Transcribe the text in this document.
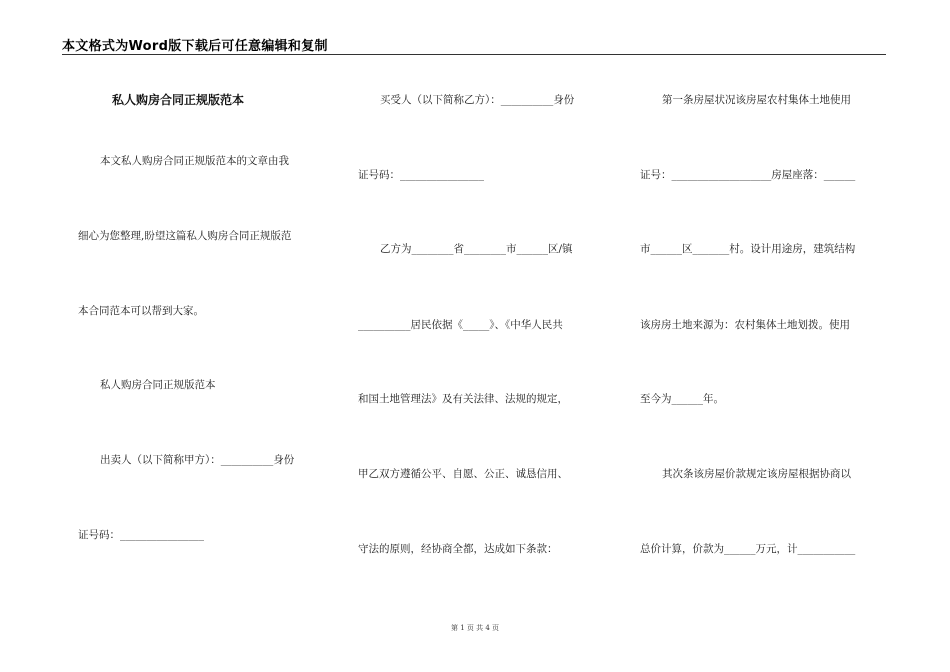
本文格式为Word版下载后可任意编辑和复制
私人购房合同正规版范本
本文私人购房合同正规版范本的文章由我
细心为您整理,盼望这篇私人购房合同正规版范
本合同范本可以帮到大家。
私人购房合同正规版范本
出卖人（以下简称甲方）：__________身份
证号码：________________
买受人（以下简称乙方）：__________身份
证号码：________________
乙方为________省________市______区/镇
__________居民依据《_____》、《中华人民共
和国土地管理法》及有关法律、法规的规定，
甲乙双方遵循公平、自愿、公正、诚恳信用、
守法的原则，经协商全都，达成如下条款：
第一条房屋状况该房屋农村集体土地使用
证号：___________________房屋座落：______
市______区_______村。设计用途房，建筑结构
该房房土地来源为：农村集体土地划拨。使用
至今为______年。
其次条该房屋价款规定该房屋根据协商以
总价计算，价款为______万元，计___________
第 1 页 共 4 页
